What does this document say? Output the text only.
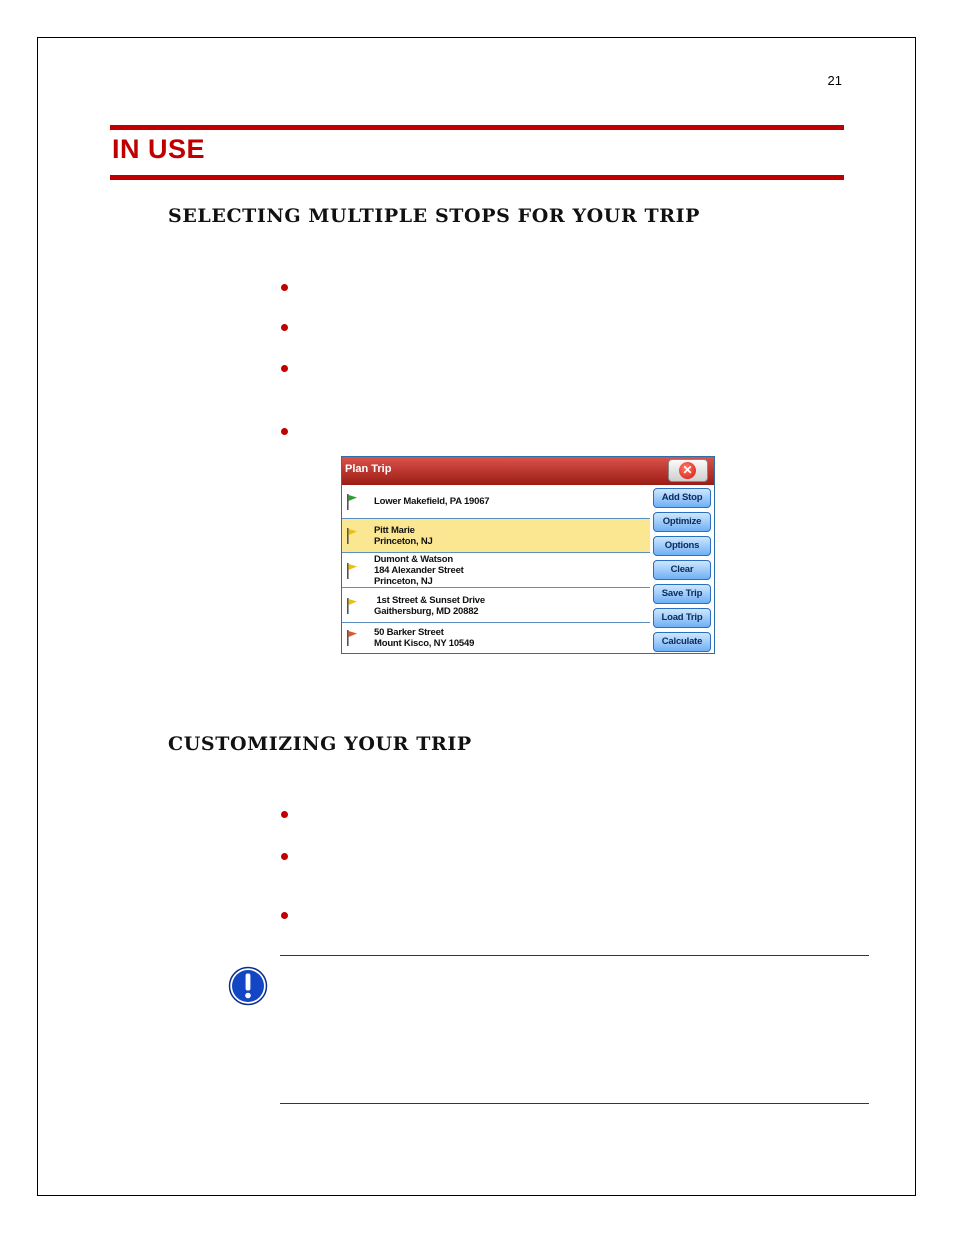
21
IN USE
SELECTING MULTIPLE STOPS FOR YOUR TRIP
Plan Trip	✕
Lower Makefield, PA 19067
Pitt Marie
Princeton, NJ
Dumont & Watson
184 Alexander Street
Princeton, NJ
1st Street & Sunset Drive
Gaithersburg, MD 20882
50 Barker Street
Mount Kisco, NY 10549
Add Stop
Optimize
Options
Clear
Save Trip
Load Trip
Calculate
CUSTOMIZING YOUR TRIP
